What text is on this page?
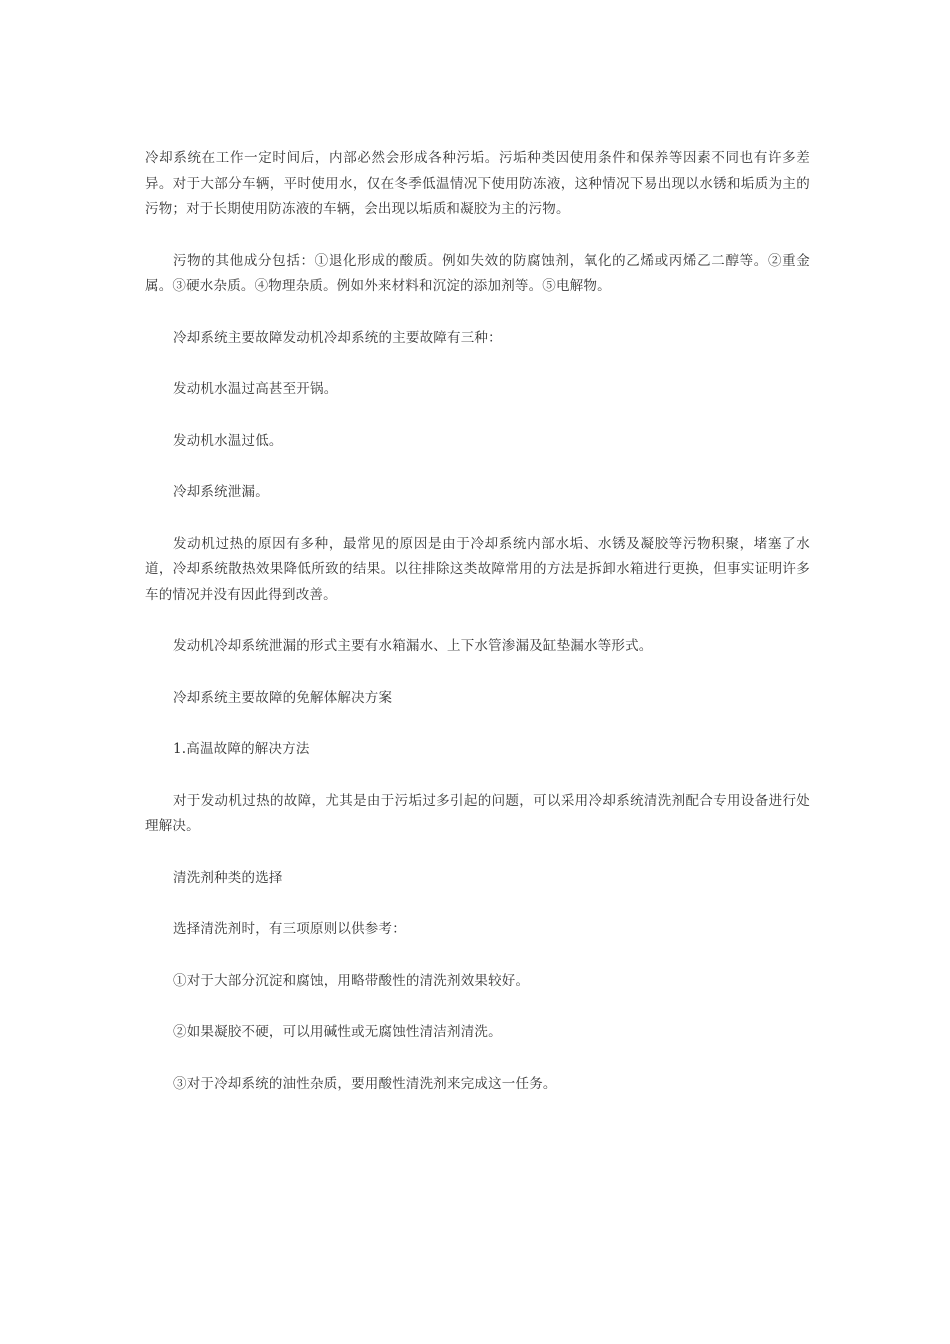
冷却系统在工作一定时间后，内部必然会形成各种污垢。污垢种类因使用条件和保养等因素不同也有许多差异。对于大部分车辆，平时使用水，仅在冬季低温情况下使用防冻液，这种情况下易出现以水锈和垢质为主的污物；对于长期使用防冻液的车辆，会出现以垢质和凝胶为主的污物。

污物的其他成分包括：①退化形成的酸质。例如失效的防腐蚀剂，氧化的乙烯或丙烯乙二醇等。②重金属。③硬水杂质。④物理杂质。例如外来材料和沉淀的添加剂等。⑤电解物。

冷却系统主要故障发动机冷却系统的主要故障有三种：

发动机水温过高甚至开锅。

发动机水温过低。

冷却系统泄漏。

发动机过热的原因有多种，最常见的原因是由于冷却系统内部水垢、水锈及凝胶等污物积聚，堵塞了水道，冷却系统散热效果降低所致的结果。以往排除这类故障常用的方法是拆卸水箱进行更换，但事实证明许多车的情况并没有因此得到改善。

发动机冷却系统泄漏的形式主要有水箱漏水、上下水管渗漏及缸垫漏水等形式。

冷却系统主要故障的免解体解决方案

1.高温故障的解决方法

对于发动机过热的故障，尤其是由于污垢过多引起的问题，可以采用冷却系统清洗剂配合专用设备进行处理解决。

清洗剂种类的选择

选择清洗剂时，有三项原则以供参考：

①对于大部分沉淀和腐蚀，用略带酸性的清洗剂效果较好。

②如果凝胶不硬，可以用碱性或无腐蚀性清洁剂清洗。

③对于冷却系统的油性杂质，要用酸性清洗剂来完成这一任务。
